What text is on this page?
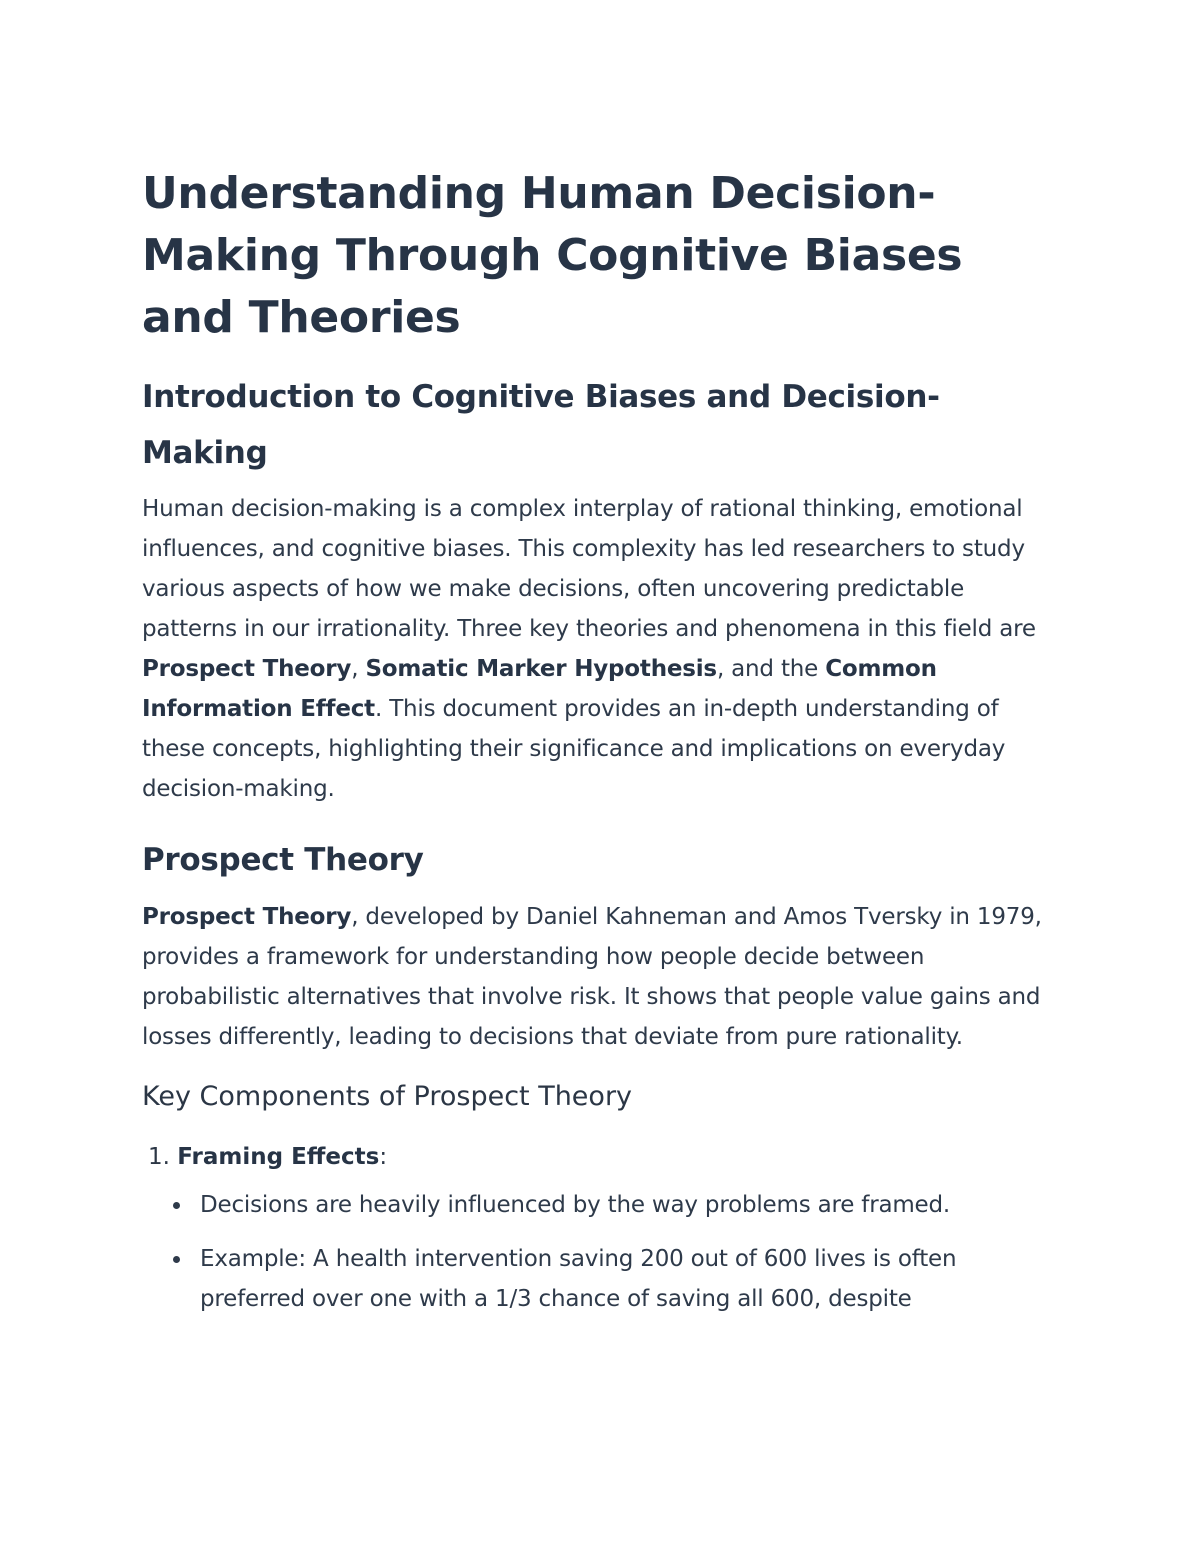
Understanding Human Decision-Making Through Cognitive Biases and Theories
Introduction to Cognitive Biases and Decision-Making

Human decision-making is a complex interplay of rational thinking, emotional influences, and cognitive biases. This complexity has led researchers to study various aspects of how we make decisions, often uncovering predictable patterns in our irrationality. Three key theories and phenomena in this field are Prospect Theory, Somatic Marker Hypothesis, and the Common Information Effect. This document provides an in-depth understanding of these concepts, highlighting their significance and implications on everyday decision-making.

Prospect Theory

Prospect Theory, developed by Daniel Kahneman and Amos Tversky in 1979, provides a framework for understanding how people decide between probabilistic alternatives that involve risk. It shows that people value gains and losses differently, leading to decisions that deviate from pure rationality.

Key Components of Prospect Theory
1. Framing Effects:
Decisions are heavily influenced by the way problems are framed.
Example: A health intervention saving 200 out of 600 lives is often preferred over one with a 1/3 chance of saving all 600, despite
